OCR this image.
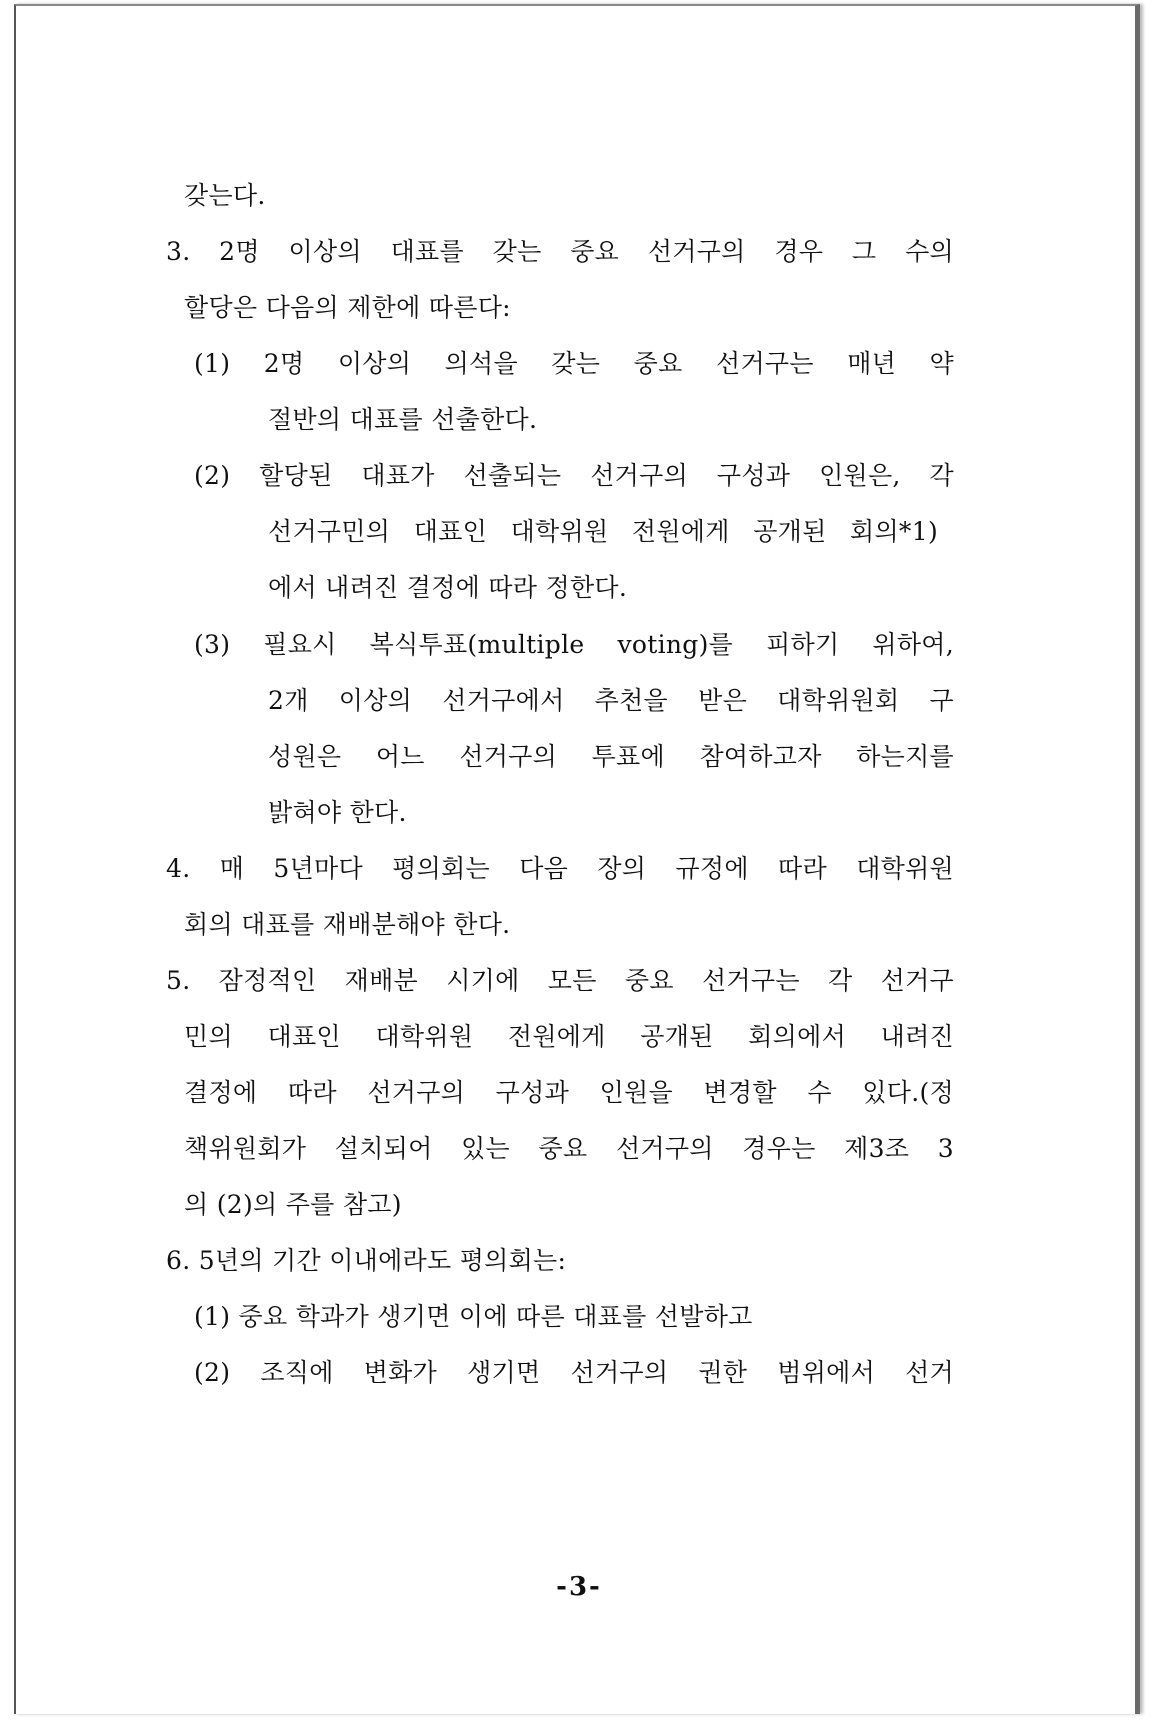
갖는다.
3. 2명 이상의 대표를 갖는 중요 선거구의 경우 그 수의
할당은 다음의 제한에 따른다:
(1) 2명 이상의 의석을 갖는 중요 선거구는 매년 약
절반의 대표를 선출한다.
(2) 할당된 대표가 선출되는 선거구의 구성과 인원은, 각
선거구민의 대표인 대학위원 전원에게 공개된 회의*1)
에서 내려진 결정에 따라 정한다.
(3) 필요시 복식투표(multiple voting)를 피하기 위하여,
2개 이상의 선거구에서 추천을 받은 대학위원회 구
성원은 어느 선거구의 투표에 참여하고자 하는지를
밝혀야 한다.
4. 매 5년마다 평의회는 다음 장의 규정에 따라 대학위원
회의 대표를 재배분해야 한다.
5. 잠정적인 재배분 시기에 모든 중요 선거구는 각 선거구
민의 대표인 대학위원 전원에게 공개된 회의에서 내려진
결정에 따라 선거구의 구성과 인원을 변경할 수 있다.(정
책위원회가 설치되어 있는 중요 선거구의 경우는 제3조 3
의 (2)의 주를 참고)
6. 5년의 기간 이내에라도 평의회는:
(1) 중요 학과가 생기면 이에 따른 대표를 선발하고
(2) 조직에 변화가 생기면 선거구의 권한 범위에서 선거
-3-
